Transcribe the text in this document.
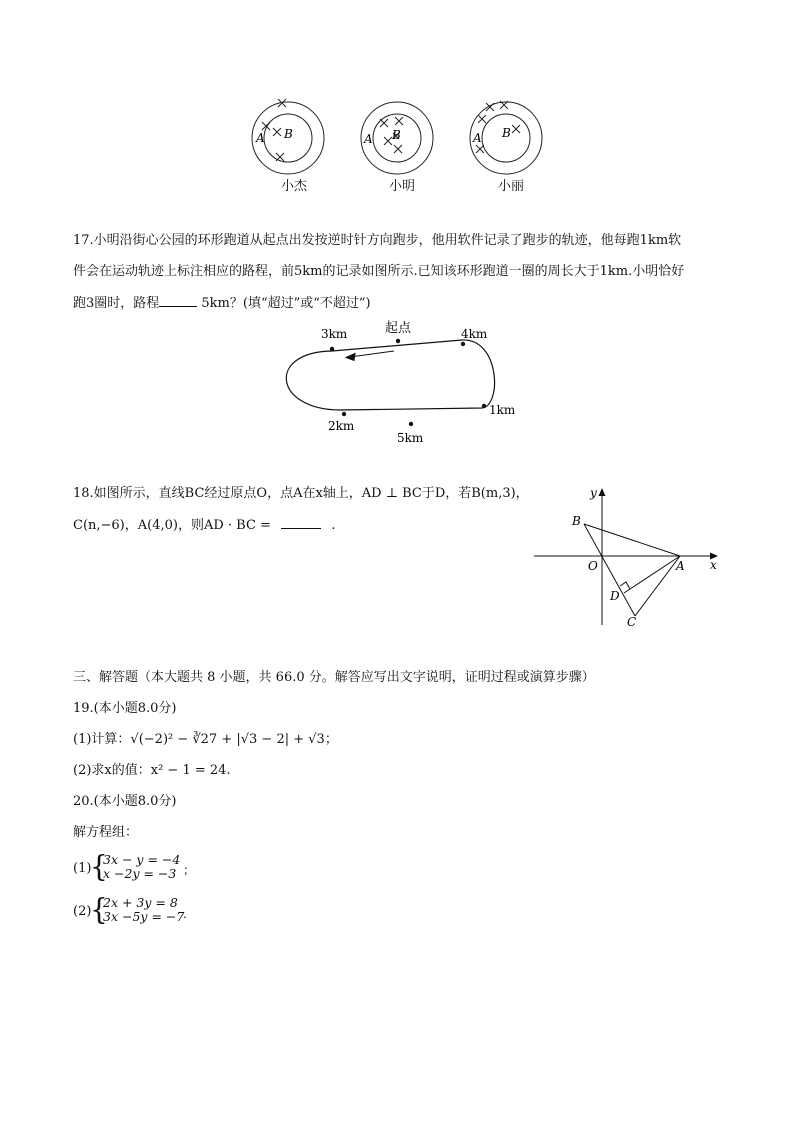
A B	A B	A B
小杰	小明	小丽
17.小明沿街心公园的环形跑道从起点出发按逆时针方向跑步，他用软件记录了跑步的轨迹，他每跑1km软
件会在运动轨迹上标注相应的路程，前5km的记录如图所示.已知该环形跑道一圈的周长大于1km.小明恰好
跑3圈时，路程	5km？(填“超过”或“不超过”)
起点	4km
3km
1km
2km
5km
18.如图所示，直线BC经过原点O，点A在x轴上，AD ⊥ BC于D，若B(m,3)，
C(n,−6)，A(4,0)，则AD · BC =	.
y
x
O	A
B
C
D
三、解答题（本大题共 8 小题，共 66.0 分。解答应写出文字说明，证明过程或演算步骤）
19.(本小题8.0分)
(1)计算：√(−2)² − ∛27 + |√3 − 2| + √3；
(2)求x的值：x² − 1 = 24.
20.(本小题8.0分)
解方程组：
(1)
{
3x − y = −4
x −2y = −3 ；
(2)
{
2x + 3y = 8
3x −5y = −7
.
